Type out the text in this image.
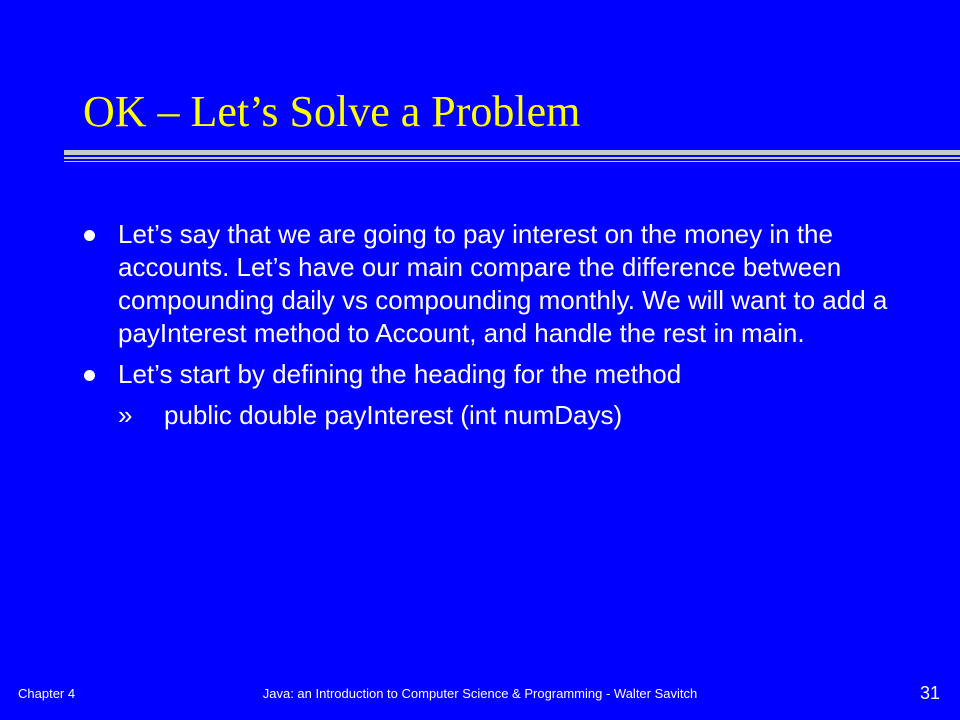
OK – Let’s Solve a Problem
Let’s say that we are going to pay interest on the money in the accounts. Let’s have our main compare the difference between compounding daily vs compounding monthly. We will want to add a payInterest method to Account, and handle the rest in main.
Let’s start by defining the heading for the method
» public double payInterest (int numDays)
Java: an Introduction to Computer Science & Programming - Walter Savitch
Chapter 4	31
